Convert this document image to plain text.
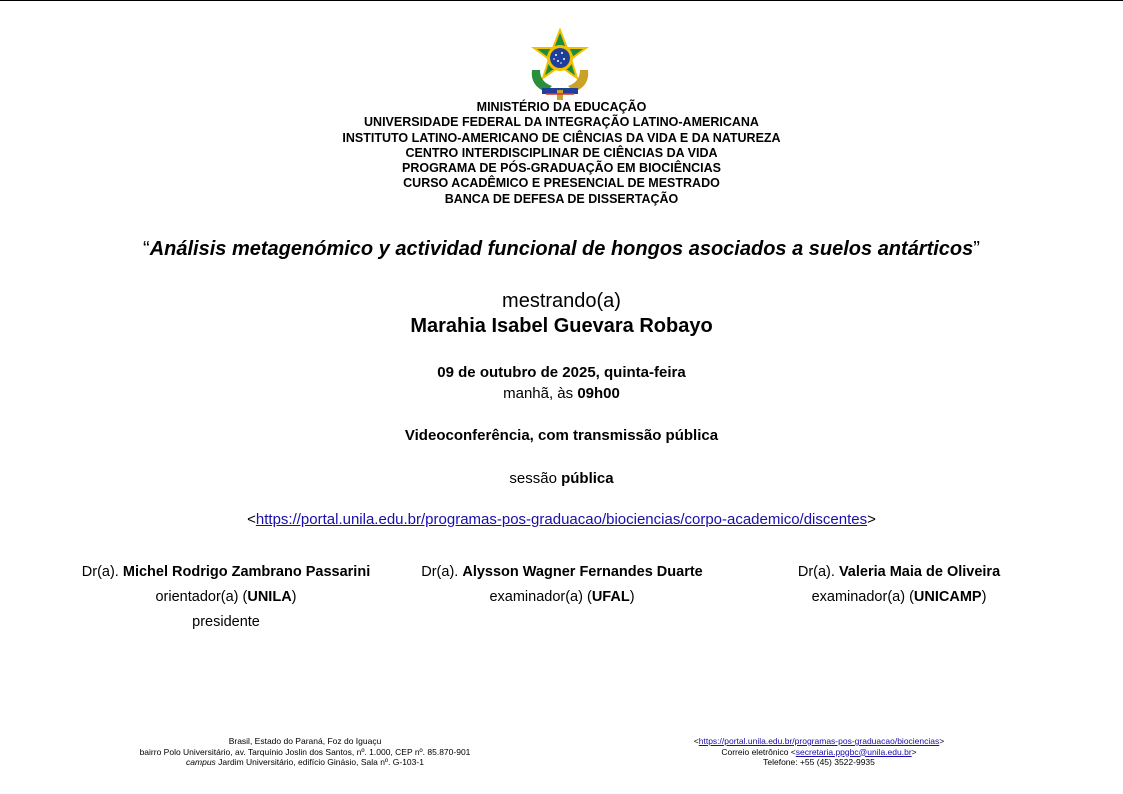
MINISTÉRIO DA EDUCAÇÃO
UNIVERSIDADE FEDERAL DA INTEGRAÇÃO LATINO-AMERICANA
INSTITUTO LATINO-AMERICANO DE CIÊNCIAS DA VIDA E DA NATUREZA
CENTRO INTERDISCIPLINAR DE CIÊNCIAS DA VIDA
PROGRAMA DE PÓS-GRADUAÇÃO EM BIOCIÊNCIAS
CURSO ACADÊMICO E PRESENCIAL DE MESTRADO
BANCA DE DEFESA DE DISSERTAÇÃO
“Análisis metagenómico y actividad funcional de hongos asociados a suelos antárticos”
mestrando(a)
Marahia Isabel Guevara Robayo
09 de outubro de 2025, quinta-feira
manhã, às 09h00
Videoconferência, com transmissão pública
sessão pública
<https://portal.unila.edu.br/programas-pos-graduacao/biociencias/corpo-academico/discentes>
Dr(a). Michel Rodrigo Zambrano Passarini
orientador(a) (UNILA)
presidente
Dr(a). Alysson Wagner Fernandes Duarte
examinador(a) (UFAL)
Dr(a). Valeria Maia de Oliveira
examinador(a) (UNICAMP)
Brasil, Estado do Paraná, Foz do Iguaçu
bairro Polo Universitário, av. Tarquínio Joslin dos Santos, nº. 1.000, CEP nº. 85.870-901
campus Jardim Universitário, edifício Ginásio, Sala nº. G-103-1
<https://portal.unila.edu.br/programas-pos-graduacao/biociencias>
Correio eletrônico <secretaria.ppgbc@unila.edu.br>
Telefone: +55 (45) 3522-9935
